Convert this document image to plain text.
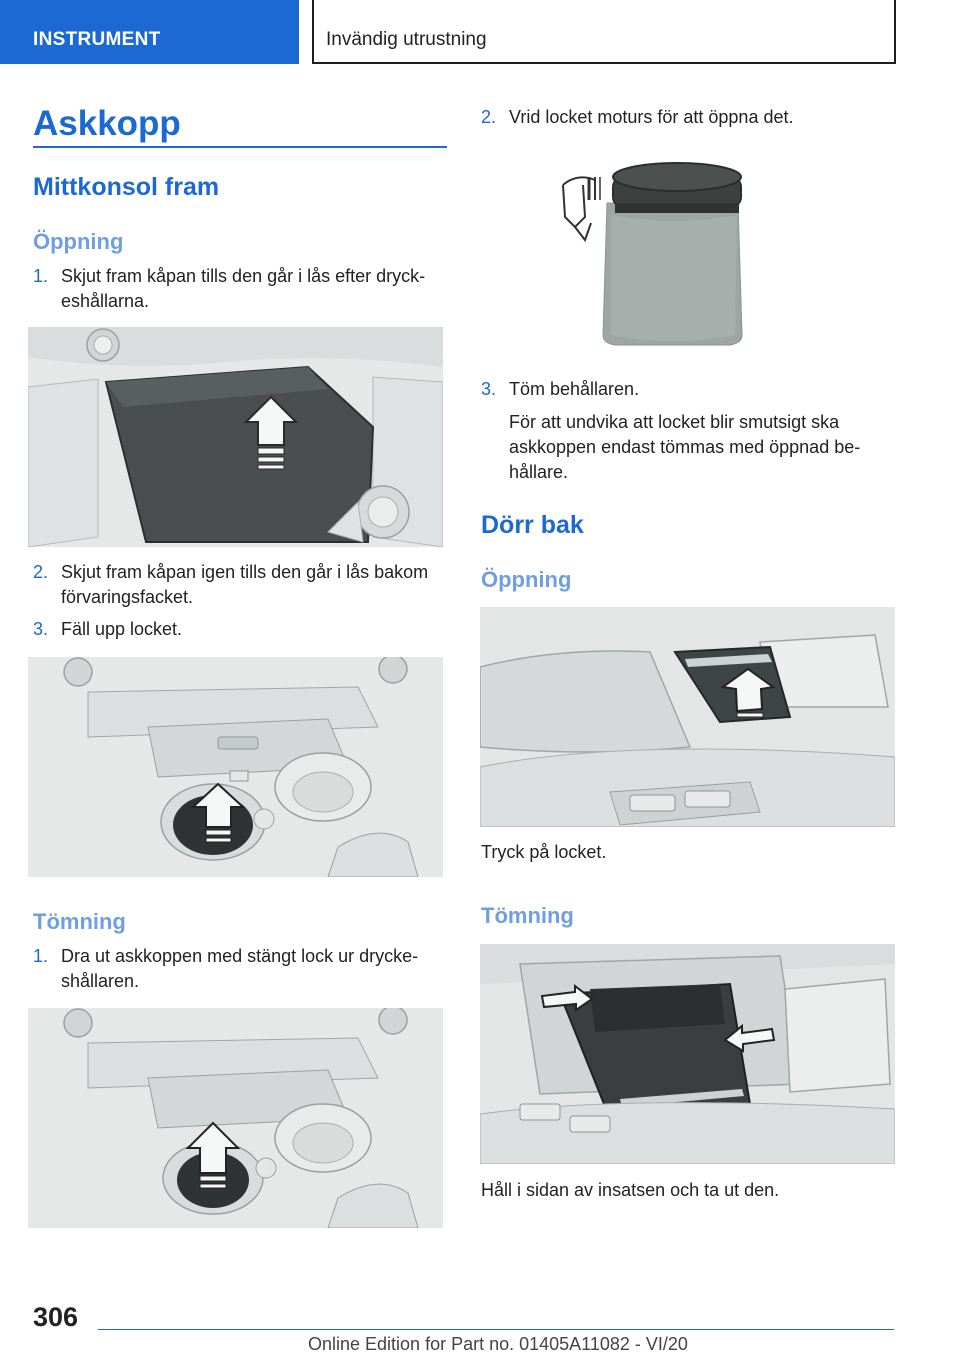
INSTRUMENT	Invändig utrustning
Askkopp
Mittkonsol fram
Öppning
1. Skjut fram kåpan tills den går i lås efter dryck‐
eshållarna.
2. Skjut fram kåpan igen tills den går i lås bakom
förvaringsfacket.
3. Fäll upp locket.
Tömning
1. Dra ut askkoppen med stängt lock ur drycke‐
shållaren.
2. Vrid locket moturs för att öppna det.
3. Töm behållaren.
För att undvika att locket blir smutsigt ska
askkoppen endast tömmas med öppnad be‐
hållare.
Dörr bak
Öppning
Tryck på locket.
Tömning
Håll i sidan av insatsen och ta ut den.
306
Online Edition for Part no. 01405A11082 - VI/20
